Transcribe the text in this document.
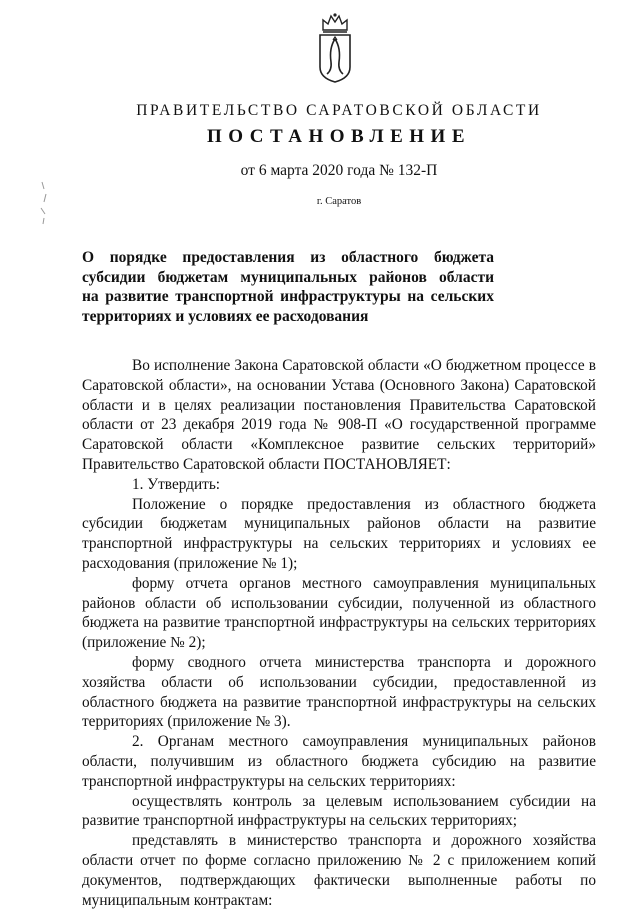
ПРАВИТЕЛЬСТВО САРАТОВСКОЙ ОБЛАСТИ
ПОСТАНОВЛЕНИЕ
от 6 марта 2020 года № 132-П
г. Саратов
О порядке предоставления из областного бюджета
субсидии бюджетам муниципальных районов области
на развитие транспортной инфраструктуры на сельских
территориях и условиях ее расходования

Во исполнение Закона Саратовской области «О бюджетном процессе в Саратовской области», на основании Устава (Основного Закона) Саратовской области и в целях реализации постановления Правительства Саратовской области от 23 декабря 2019 года № 908-П «О государственной программе Саратовской области «Комплексное развитие сельских территорий» Правительство Саратовской области ПОСТАНОВЛЯЕТ:

1. Утвердить:

Положение о порядке предоставления из областного бюджета субсидии бюджетам муниципальных районов области на развитие транспортной инфраструктуры на сельских территориях и условиях ее расходования (приложение № 1);

форму отчета органов местного самоуправления муниципальных районов области об использовании субсидии, полученной из областного бюджета на развитие транспортной инфраструктуры на сельских территориях (приложение № 2);

форму сводного отчета министерства транспорта и дорожного хозяйства области об использовании субсидии, предоставленной из областного бюджета на развитие транспортной инфраструктуры на сельских территориях (приложение № 3).

2. Органам местного самоуправления муниципальных районов области, получившим из областного бюджета субсидию на развитие транспортной инфраструктуры на сельских территориях:

осуществлять контроль за целевым использованием субсидии на развитие транспортной инфраструктуры на сельских территориях;

представлять в министерство транспорта и дорожного хозяйства области отчет по форме согласно приложению № 2 с приложением копий документов, подтверждающих фактически выполненные работы по муниципальным контрактам:
